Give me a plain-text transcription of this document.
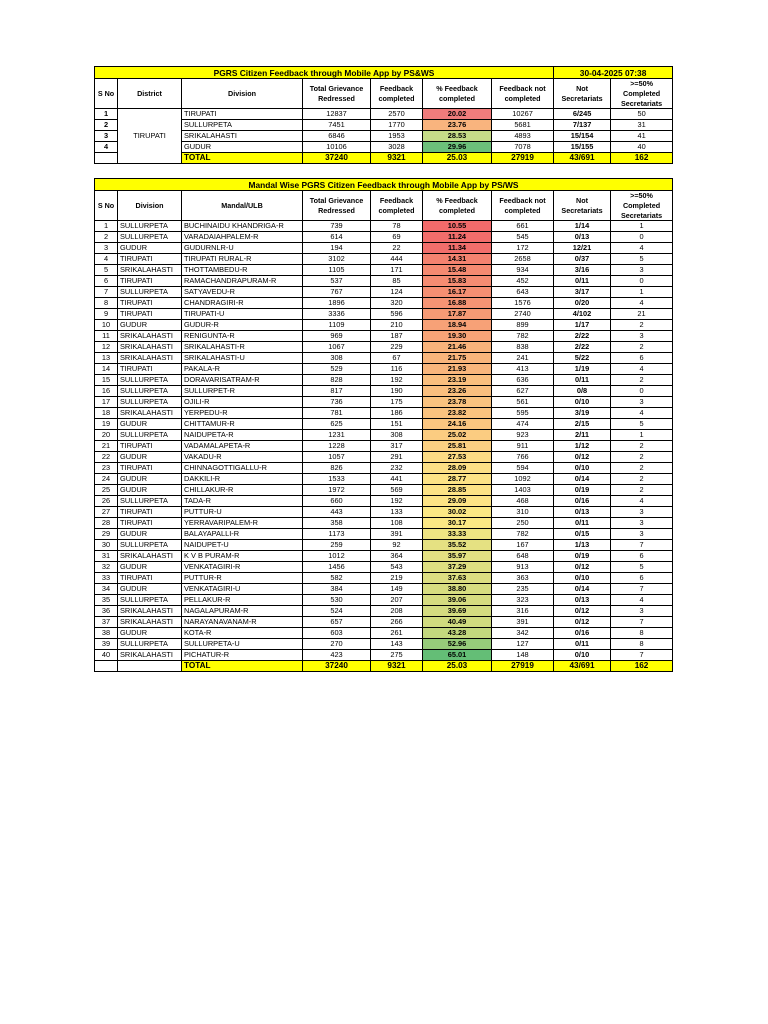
PGRS Citizen Feedback through Mobile App by PS&WS							30-04-2025 07:38	
S No	District	Division	Total Grievance Redressed	Feedback completed	% Feedback completed	Feedback not completed	Not Secretariats	>=50% Completed Secretariats
1	TIRUPATI	TIRUPATI	12837	2570	20.02	10267	6/245	50
2		SULLURPETA	7451	1770	23.76	5681	7/137	31
3		SRIKALAHASTI	6846	1953	28.53	4893	15/154	41
4		GUDUR	10106	3028	29.96	7078	15/155	40
		TOTAL	37240	9321	25.03	27919	43/691	162
Mandal Wise PGRS Citizen Feedback through Mobile App by PS/WS								
S No	Division	Mandal/ULB	Total Grievance Redressed	Feedback completed	% Feedback completed	Feedback not completed	Not Secretariats	>=50% Completed Secretariats
1	SULLURPETA	BUCHINAIDU KHANDRIGA-R	739	78	10.55	661	1/14	1
2	SULLURPETA	VARADAIAHPALEM-R	614	69	11.24	545	0/13	0
3	GUDUR	GUDURNLR-U	194	22	11.34	172	12/21	4
4	TIRUPATI	TIRUPATI RURAL-R	3102	444	14.31	2658	0/37	5
5	SRIKALAHASTI	THOTTAMBEDU-R	1105	171	15.48	934	3/16	3
6	TIRUPATI	RAMACHANDRAPURAM-R	537	85	15.83	452	0/11	0
7	SULLURPETA	SATYAVEDU-R	767	124	16.17	643	3/17	1
8	TIRUPATI	CHANDRAGIRI-R	1896	320	16.88	1576	0/20	4
9	TIRUPATI	TIRUPATI-U	3336	596	17.87	2740	4/102	21
10	GUDUR	GUDUR-R	1109	210	18.94	899	1/17	2
11	SRIKALAHASTI	RENIGUNTA-R	969	187	19.30	782	2/22	3
12	SRIKALAHASTI	SRIKALAHASTI-R	1067	229	21.46	838	2/22	2
13	SRIKALAHASTI	SRIKALAHASTI-U	308	67	21.75	241	5/22	6
14	TIRUPATI	PAKALA-R	529	116	21.93	413	1/19	4
15	SULLURPETA	DORAVARISATRAM-R	828	192	23.19	636	0/11	2
16	SULLURPETA	SULLURPET-R	817	190	23.26	627	0/8	0
17	SULLURPETA	OJILI-R	736	175	23.78	561	0/10	3
18	SRIKALAHASTI	YERPEDU-R	781	186	23.82	595	3/19	4
19	GUDUR	CHITTAMUR-R	625	151	24.16	474	2/15	5
20	SULLURPETA	NAIDUPETA-R	1231	308	25.02	923	2/11	1
21	TIRUPATI	VADAMALAPETA-R	1228	317	25.81	911	1/12	2
22	GUDUR	VAKADU-R	1057	291	27.53	766	0/12	2
23	TIRUPATI	CHINNAGOTTIGALLU-R	826	232	28.09	594	0/10	2
24	GUDUR	DAKKILI-R	1533	441	28.77	1092	0/14	2
25	GUDUR	CHILLAKUR-R	1972	569	28.85	1403	0/19	2
26	SULLURPETA	TADA-R	660	192	29.09	468	0/16	4
27	TIRUPATI	PUTTUR-U	443	133	30.02	310	0/13	3
28	TIRUPATI	YERRAVARIPALEM-R	358	108	30.17	250	0/11	3
29	GUDUR	BALAYAPALLI-R	1173	391	33.33	782	0/15	3
30	SULLURPETA	NAIDUPET-U	259	92	35.52	167	1/13	7
31	SRIKALAHASTI	K V B PURAM-R	1012	364	35.97	648	0/19	6
32	GUDUR	VENKATAGIRI-R	1456	543	37.29	913	0/12	5
33	TIRUPATI	PUTTUR-R	582	219	37.63	363	0/10	6
34	GUDUR	VENKATAGIRI-U	384	149	38.80	235	0/14	7
35	SULLURPETA	PELLAKUR-R	530	207	39.06	323	0/13	4
36	SRIKALAHASTI	NAGALAPURAM-R	524	208	39.69	316	0/12	3
37	SRIKALAHASTI	NARAYANAVANAM-R	657	266	40.49	391	0/12	7
38	GUDUR	KOTA-R	603	261	43.28	342	0/16	8
39	SULLURPETA	SULLURPETA-U	270	143	52.96	127	0/11	8
40	SRIKALAHASTI	PICHATUR-R	423	275	65.01	148	0/10	7
		TOTAL	37240	9321	25.03	27919	43/691	162
